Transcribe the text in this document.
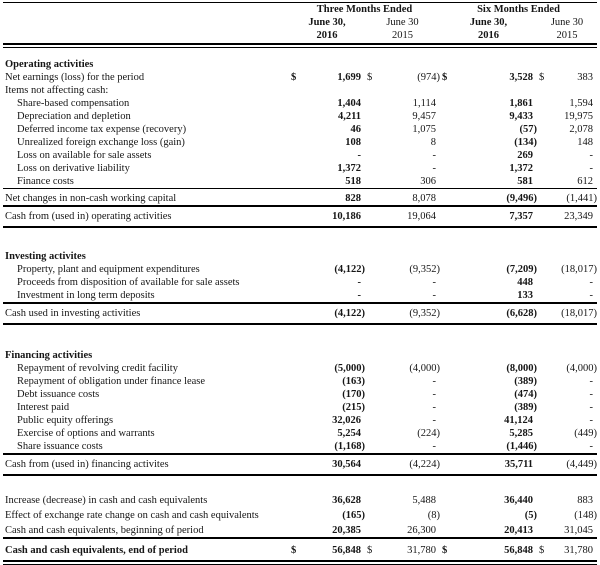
	Three Months Ended				Six Months Ended			
	June 30,		June 30		June 30,		June 30	
	2016		2015		2016		2015	

Operating activities								
Net earnings (loss) for the period	$	1,699	$	(974)	$	3,528	$	383
Items not affecting cash:								
Share-based compensation		1,404		1,114		1,861		1,594
Depreciation and depletion		4,211		9,457		9,433		19,975
Deferred income tax expense (recovery)		46		1,075		(57)		2,078
Unrealized foreign exchange loss (gain)		108		8		(134)		148
Loss on available for sale assets		-		-		269		-
Loss on derivative liability		1,372		-		1,372		-
Finance costs		518		306		581		612
Net changes in non-cash working capital		828		8,078		(9,496)		(1,441)
Cash from (used in) operating activities		10,186		19,064		7,357		23,349

Investing activites								
Property, plant and equipment expenditures		(4,122)		(9,352)		(7,209)		(18,017)
Proceeds from disposition of available for sale assets		-		-		448		-
Investment in long term deposits		-		-		133		-
Cash used in investing activities		(4,122)		(9,352)		(6,628)		(18,017)

Financing activities								
Repayment of revolving credit facility		(5,000)		(4,000)		(8,000)		(4,000)
Repayment of obligation under finance lease		(163)		-		(389)		-
Debt issuance costs		(170)		-		(474)		-
Interest paid		(215)		-		(389)		-
Public equity offerings		32,026		-		41,124		-
Exercise of options and warrants		5,254		(224)		5,285		(449)
Share issuance costs		(1,168)		-		(1,446)		-
Cash from (used in) financing activites		30,564		(4,224)		35,711		(4,449)

Increase (decrease) in cash and cash equivalents		36,628		5,488		36,440		883
Effect of exchange rate change on cash and cash equivalents		(165)		(8)		(5)		(148)
Cash and cash equivalents, beginning of period		20,385		26,300		20,413		31,045
Cash and cash equivalents, end of period	$	56,848	$	31,780	$	56,848	$	31,780
